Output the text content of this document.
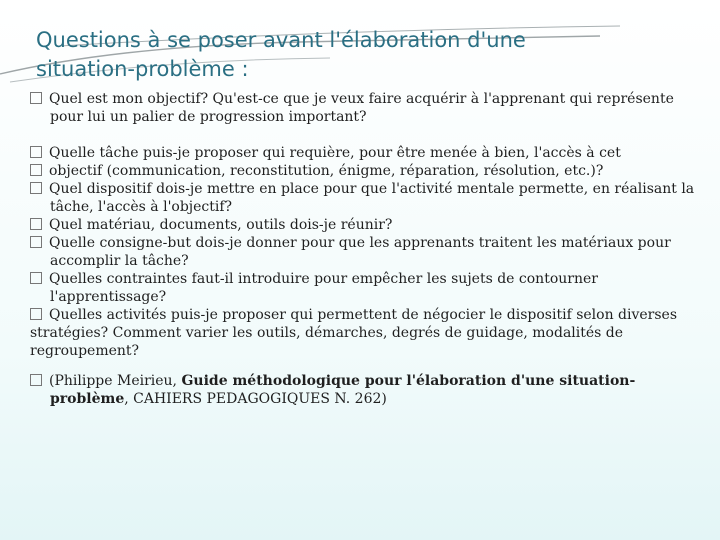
Questions à se poser avant l'élaboration d'une
situation-problème :
Quel est mon objectif? Qu'est-ce que je veux faire acquérir à l'apprenant qui représente pour lui un palier de progression important?
Quelle tâche puis-je proposer qui requière, pour être menée à bien, l'accès à cet
objectif (communication, reconstitution, énigme, réparation, résolution, etc.)?
Quel dispositif dois-je mettre en place pour que l'activité mentale permette, en réalisant la tâche, l'accès à l'objectif?
Quel matériau, documents, outils dois-je réunir?
Quelle consigne-but dois-je donner pour que les apprenants traitent les matériaux pour accomplir la tâche?
Quelles contraintes faut-il introduire pour empêcher les sujets de contourner l'apprentissage?
Quelles activités puis-je proposer qui permettent de négocier le dispositif selon diverses stratégies? Comment varier les outils, démarches, degrés de guidage, modalités de regroupement?
(Philippe Meirieu, Guide méthodologique pour l'élaboration d'une situation-problème, CAHIERS PEDAGOGIQUES N. 262)
